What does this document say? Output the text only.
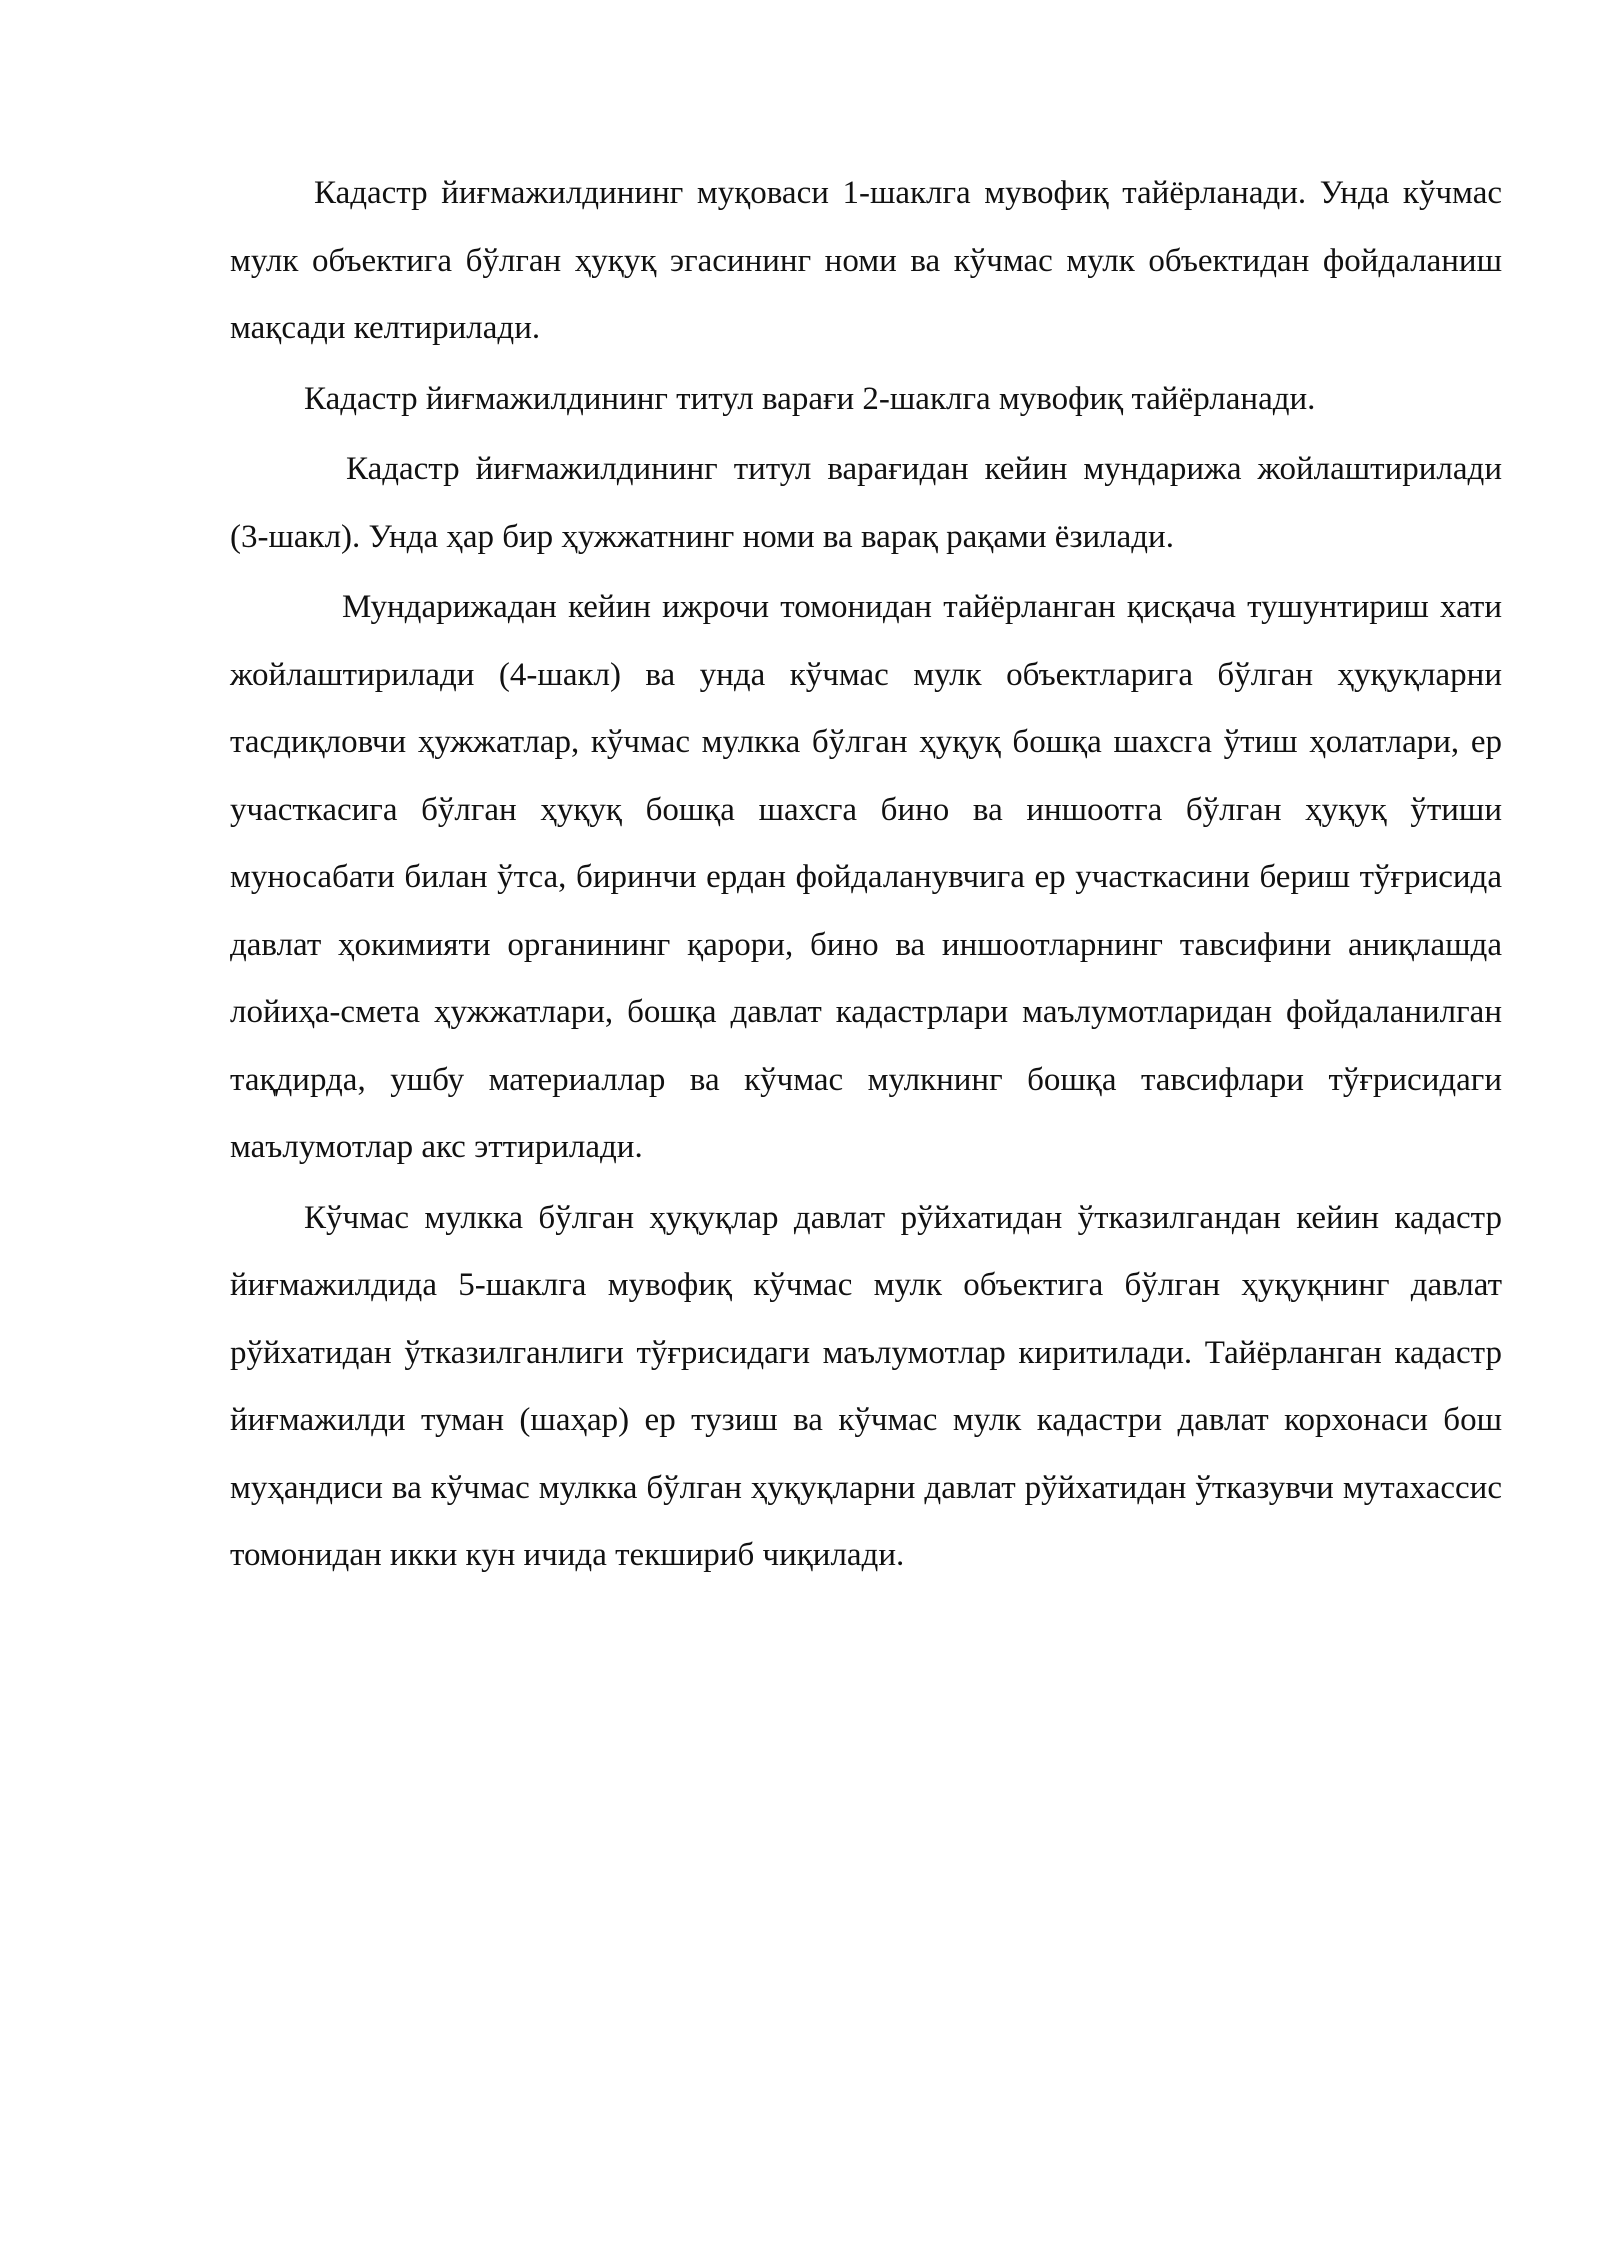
Кадастр йиғмажилдининг муқоваси 1-шаклга мувофиқ тайёрланади. Унда кўчмас мулк объектига бўлган ҳуқуқ эгасининг номи ва кўчмас мулк объектидан фойдаланиш мақсади келтирилади.

Кадастр йиғмажилдининг титул варағи 2-шаклга мувофиқ тайёрланади.

Кадастр йиғмажилдининг титул варағидан кейин мундарижа жойлаштирилади (3-шакл). Унда ҳар бир ҳужжатнинг номи ва варақ рақами ёзилади.

Мундарижадан кейин ижрочи томонидан тайёрланган қисқача тушунтириш хати жойлаштирилади (4-шакл) ва унда кўчмас мулк объектларига бўлган ҳуқуқларни тасдиқловчи ҳужжатлар, кўчмас мулкка бўлган ҳуқуқ бошқа шахсга ўтиш ҳолатлари, ер участкасига бўлган ҳуқуқ бошқа шахсга бино ва иншоотга бўлган ҳуқуқ ўтиши муносабати билан ўтса, биринчи ердан фойдаланувчига ер участкасини бериш тўғрисида давлат ҳокимияти органининг қарори, бино ва иншоотларнинг тавсифини аниқлашда лойиҳа-смета ҳужжатлари, бошқа давлат кадастрлари маълумотларидан фойдаланилган тақдирда, ушбу материаллар ва кўчмас мулкнинг бошқа тавсифлари тўғрисидаги маълумотлар акс эттирилади.

Кўчмас мулкка бўлган ҳуқуқлар давлат рўйхатидан ўтказилгандан кейин кадастр йиғмажилдида 5-шаклга мувофиқ кўчмас мулк объектига бўлган ҳуқуқнинг давлат рўйхатидан ўтказилганлиги тўғрисидаги маълумотлар киритилади. Тайёрланган кадастр йиғмажилди туман (шаҳар) ер тузиш ва кўчмас мулк кадастри давлат корхонаси бош муҳандиси ва кўчмас мулкка бўлган ҳуқуқларни давлат рўйхатидан ўтказувчи мутахассис томонидан икки кун ичида текшириб чиқилади.
